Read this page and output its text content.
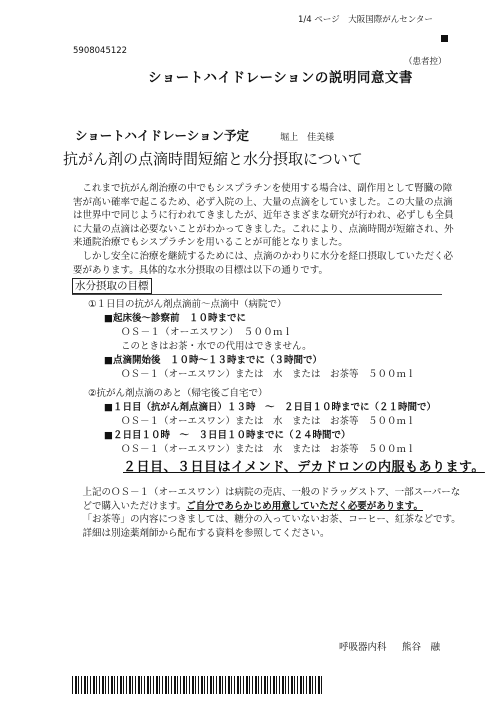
1/4 ページ　大阪国際がんセンター
5908045122
（患者控）
ショートハイドレーションの説明同意文書
ショートハイドレーション予定	堀上　佳美様
抗がん剤の点滴時間短縮と水分摂取について
これまで抗がん剤治療の中でもシスプラチンを使用する場合は、副作用として腎臓の障
害が高い確率で起こるため、必ず入院の上、大量の点滴をしていました。この大量の点滴
は世界中で同じように行われてきましたが、近年さまざまな研究が行われ、必ずしも全員
に大量の点滴は必要ないことがわかってきました。これにより、点滴時間が短縮され、外
来通院治療でもシスプラチンを用いることが可能となりました。
しかし安全に治療を継続するためには、点滴のかわりに水分を経口摂取していただく必
要があります。具体的な水分摂取の目標は以下の通りです。
水分摂取の目標
①１日目の抗がん剤点滴前～点滴中（病院で）
■起床後～診察前　１０時までに
ＯＳ－１（オーエスワン）　５００ｍｌ
このときはお茶・水での代用はできません。
■点滴開始後　１０時～１３時までに（３時間で）
ＯＳ－１（オーエスワン）または　水　または　お茶等　５００ｍｌ
②抗がん剤点滴のあと（帰宅後ご自宅で）
■１日目（抗がん剤点滴日）１３時　～　２日目１０時までに（２１時間で）
ＯＳ－１（オーエスワン）または　水　または　お茶等　５００ｍｌ
■２日目１０時　～　３日目１０時までに（２４時間で）
ＯＳ－１（オーエスワン）または　水　または　お茶等　５００ｍｌ
２日目、３日目はイメンド、デカドロンの内服もあります。

上記のＯＳ－１（オーエスワン）は病院の売店、一般のドラッグストア、一部スーパーな

どで購入いただけます。ご自分であらかじめ用意していただく必要があります。

「お茶等」の内容につきましては、糖分の入っていないお茶、コーヒー、紅茶などです。

詳細は別途薬剤師から配布する資料を参照してください。

呼吸器内科 熊谷　融
